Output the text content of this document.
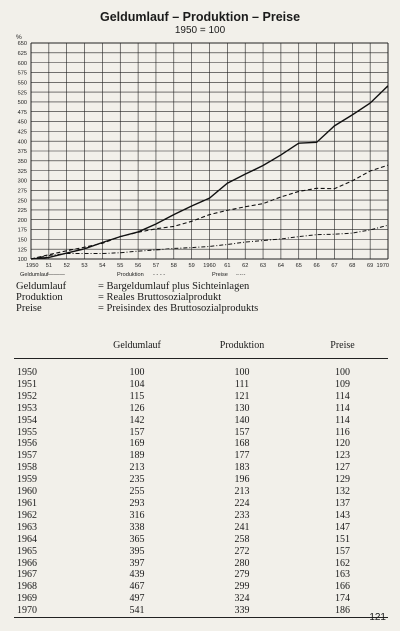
Geldumlauf – Produktion – Preise
1950 = 100
100
125
150
175
200
225
250
275
300
325
350
375
400
425
450
475
500
525
550
575
600
625
650
%
1950 51 52 53 54 55 56 57 58 59 1960 61 62 63 64 65 66 67 68 69 1970
Geldumlauf ———	Produktion - - - -	Preise -·-·-
Geldumlauf	= Bargeldumlauf plus Sichteinlagen
Produktion	= Reales Bruttosozialprodukt
Preise	= Preisindex des Bruttosozialprodukts
	Geldumlauf	Produktion	Preise
1950	100	100	100
1951	104	111	109
1952	115	121	114
1953	126	130	114
1954	142	140	114
1955	157	157	116
1956	169	168	120
1957	189	177	123
1958	213	183	127
1959	235	196	129
1960	255	213	132
1961	293	224	137
1962	316	233	143
1963	338	241	147
1964	365	258	151
1965	395	272	157
1966	397	280	162
1967	439	279	163
1968	467	299	166
1969	497	324	174
1970	541	339	186
121
